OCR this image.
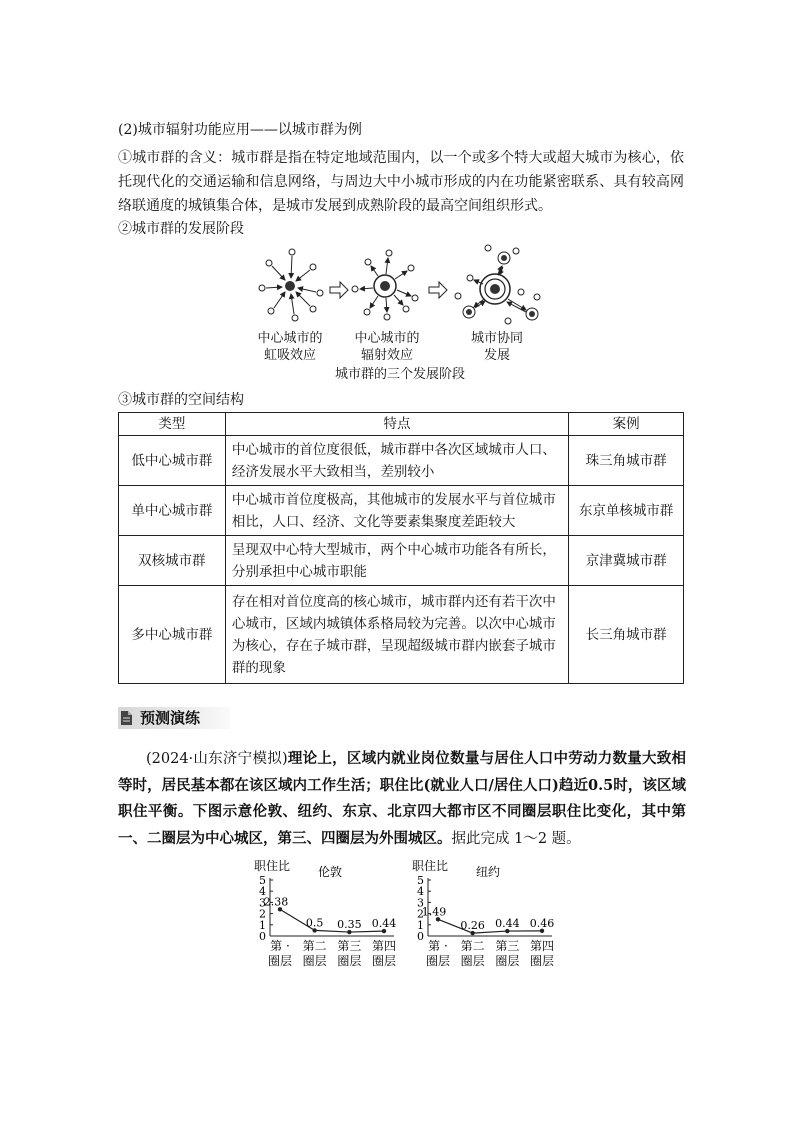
(2)城市辐射功能应用——以城市群为例
①城市群的含义：城市群是指在特定地域范围内，以一个或多个特大或超大城市为核心，依托现代化的交通运输和信息网络，与周边大中小城市形成的内在功能紧密联系、具有较高网络联通度的城镇集合体，是城市发展到成熟阶段的最高空间组织形式。
②城市群的发展阶段
中心城市的
虹吸效应
中心城市的
辐射效应
城市协同
发展
城市群的三个发展阶段
③城市群的空间结构
类型	特点	案例
低中心城市群	中心城市的首位度很低，城市群中各次区域城市人口、经济发展水平大致相当，差别较小	珠三角城市群
单中心城市群	中心城市首位度极高，其他城市的发展水平与首位城市相比，人口、经济、文化等要素集聚度差距较大	东京单核城市群
双核城市群	呈现双中心特大型城市，两个中心城市功能各有所长，分别承担中心城市职能	京津冀城市群
多中心城市群	存在相对首位度高的核心城市，城市群内还有若干次中心城市，区域内城镇体系格局较为完善。以次中心城市为核心，存在子城市群，呈现超级城市群内嵌套子城市群的现象	长三角城市群
预测演练
(2024·山东济宁模拟)理论上，区域内就业岗位数量与居住人口中劳动力数量大致相等时，居民基本都在该区域内工作生活；职住比(就业人口/居住人口)趋近0.5时，该区域职住平衡。下图示意伦敦、纽约、东京、北京四大都市区不同圈层职住比变化，其中第一、二圈层为中心城区，第三、四圈层为外围城区。据此完成 1～2 题。
职住比 伦敦
0
1
2
3
4
5
2.38
第 ·
圈层
0.5
第二
圈层
0.35
第三
圈层
0.44
第四
圈层
职住比 纽约
0
1
2
3
4
5
1.49
第 ·
圈层
0.26
第二
圈层
0.44
第三
圈层
0.46
第四
圈层
